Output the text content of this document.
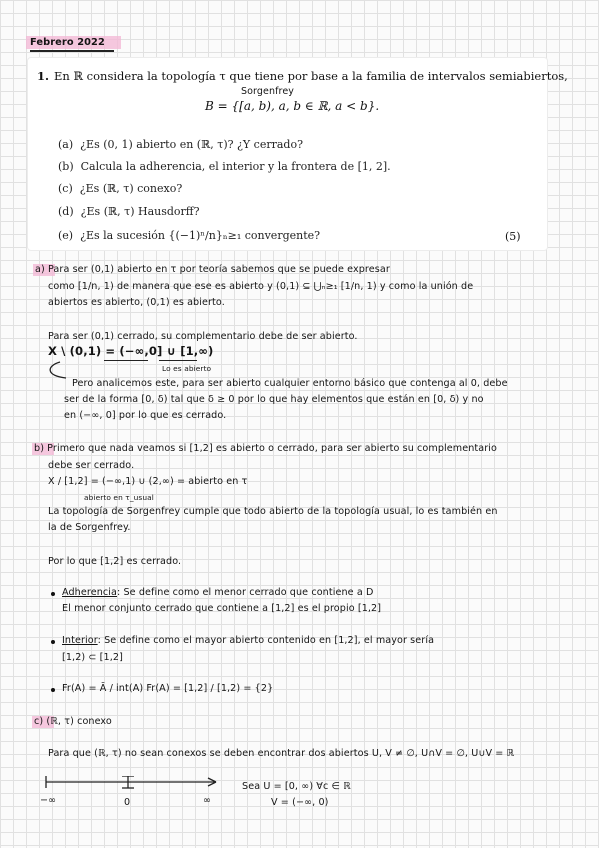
Febrero 2022
1. En ℝ considera la topología τ que tiene por base a la familia de intervalos semiabiertos,
Sorgenfrey
B = {[a, b), a, b ∈ ℝ, a < b}.
(a) ¿Es (0, 1) abierto en (ℝ, τ)? ¿Y cerrado?
(b) Calcula la adherencia, el interior y la frontera de [1, 2].
(c) ¿Es (ℝ, τ) conexo?
(d) ¿Es (ℝ, τ) Hausdorff?
(e) ¿Es la sucesión {(−1)ⁿ/n}ₙ≥₁ convergente?	(5)
a) Para ser (0,1) abierto en τ por teoría sabemos que se puede expresar
como [1/n, 1) de manera que ese es abierto y (0,1) ⊆ ⋃ₙ≥₁ [1/n, 1) y como la unión de
abiertos es abierto, (0,1) es abierto.
Para ser (0,1) cerrado, su complementario debe de ser abierto.
X \ (0,1) = (−∞,0] ∪ [1,∞)
Lo es abierto
Pero analicemos este, para ser abierto cualquier entorno básico que contenga al 0, debe
ser de la forma [0, δ) tal que δ ≥ 0 por lo que hay elementos que están en [0, δ) y no
en (−∞, 0] por lo que es cerrado.
b) Primero que nada veamos si [1,2] es abierto o cerrado, para ser abierto su complementario
debe ser cerrado.
X / [1,2] = (−∞,1) ∪ (2,∞) = abierto en τ
abierto en τ_usual
La topología de Sorgenfrey cumple que todo abierto de la topología usual, lo es también en
la de Sorgenfrey.
Por lo que [1,2] es cerrado.
Adherencia: Se define como el menor cerrado que contiene a D
El menor conjunto cerrado que contiene a [1,2] es el propio [1,2]
Interior: Se define como el mayor abierto contenido en [1,2], el mayor sería
[1,2) ⊂ [1,2]
Fr(A) = Ā / int(A) Fr(A) = [1,2] / [1,2) = {2}
c) (ℝ, τ) conexo
Para que (ℝ, τ) no sean conexos se deben encontrar dos abiertos U, V ≠ ∅, U∩V = ∅, U∪V = ℝ
−∞	0	∞
Sea U = [0, ∞) ∀c ∈ ℝ
V = (−∞, 0)
